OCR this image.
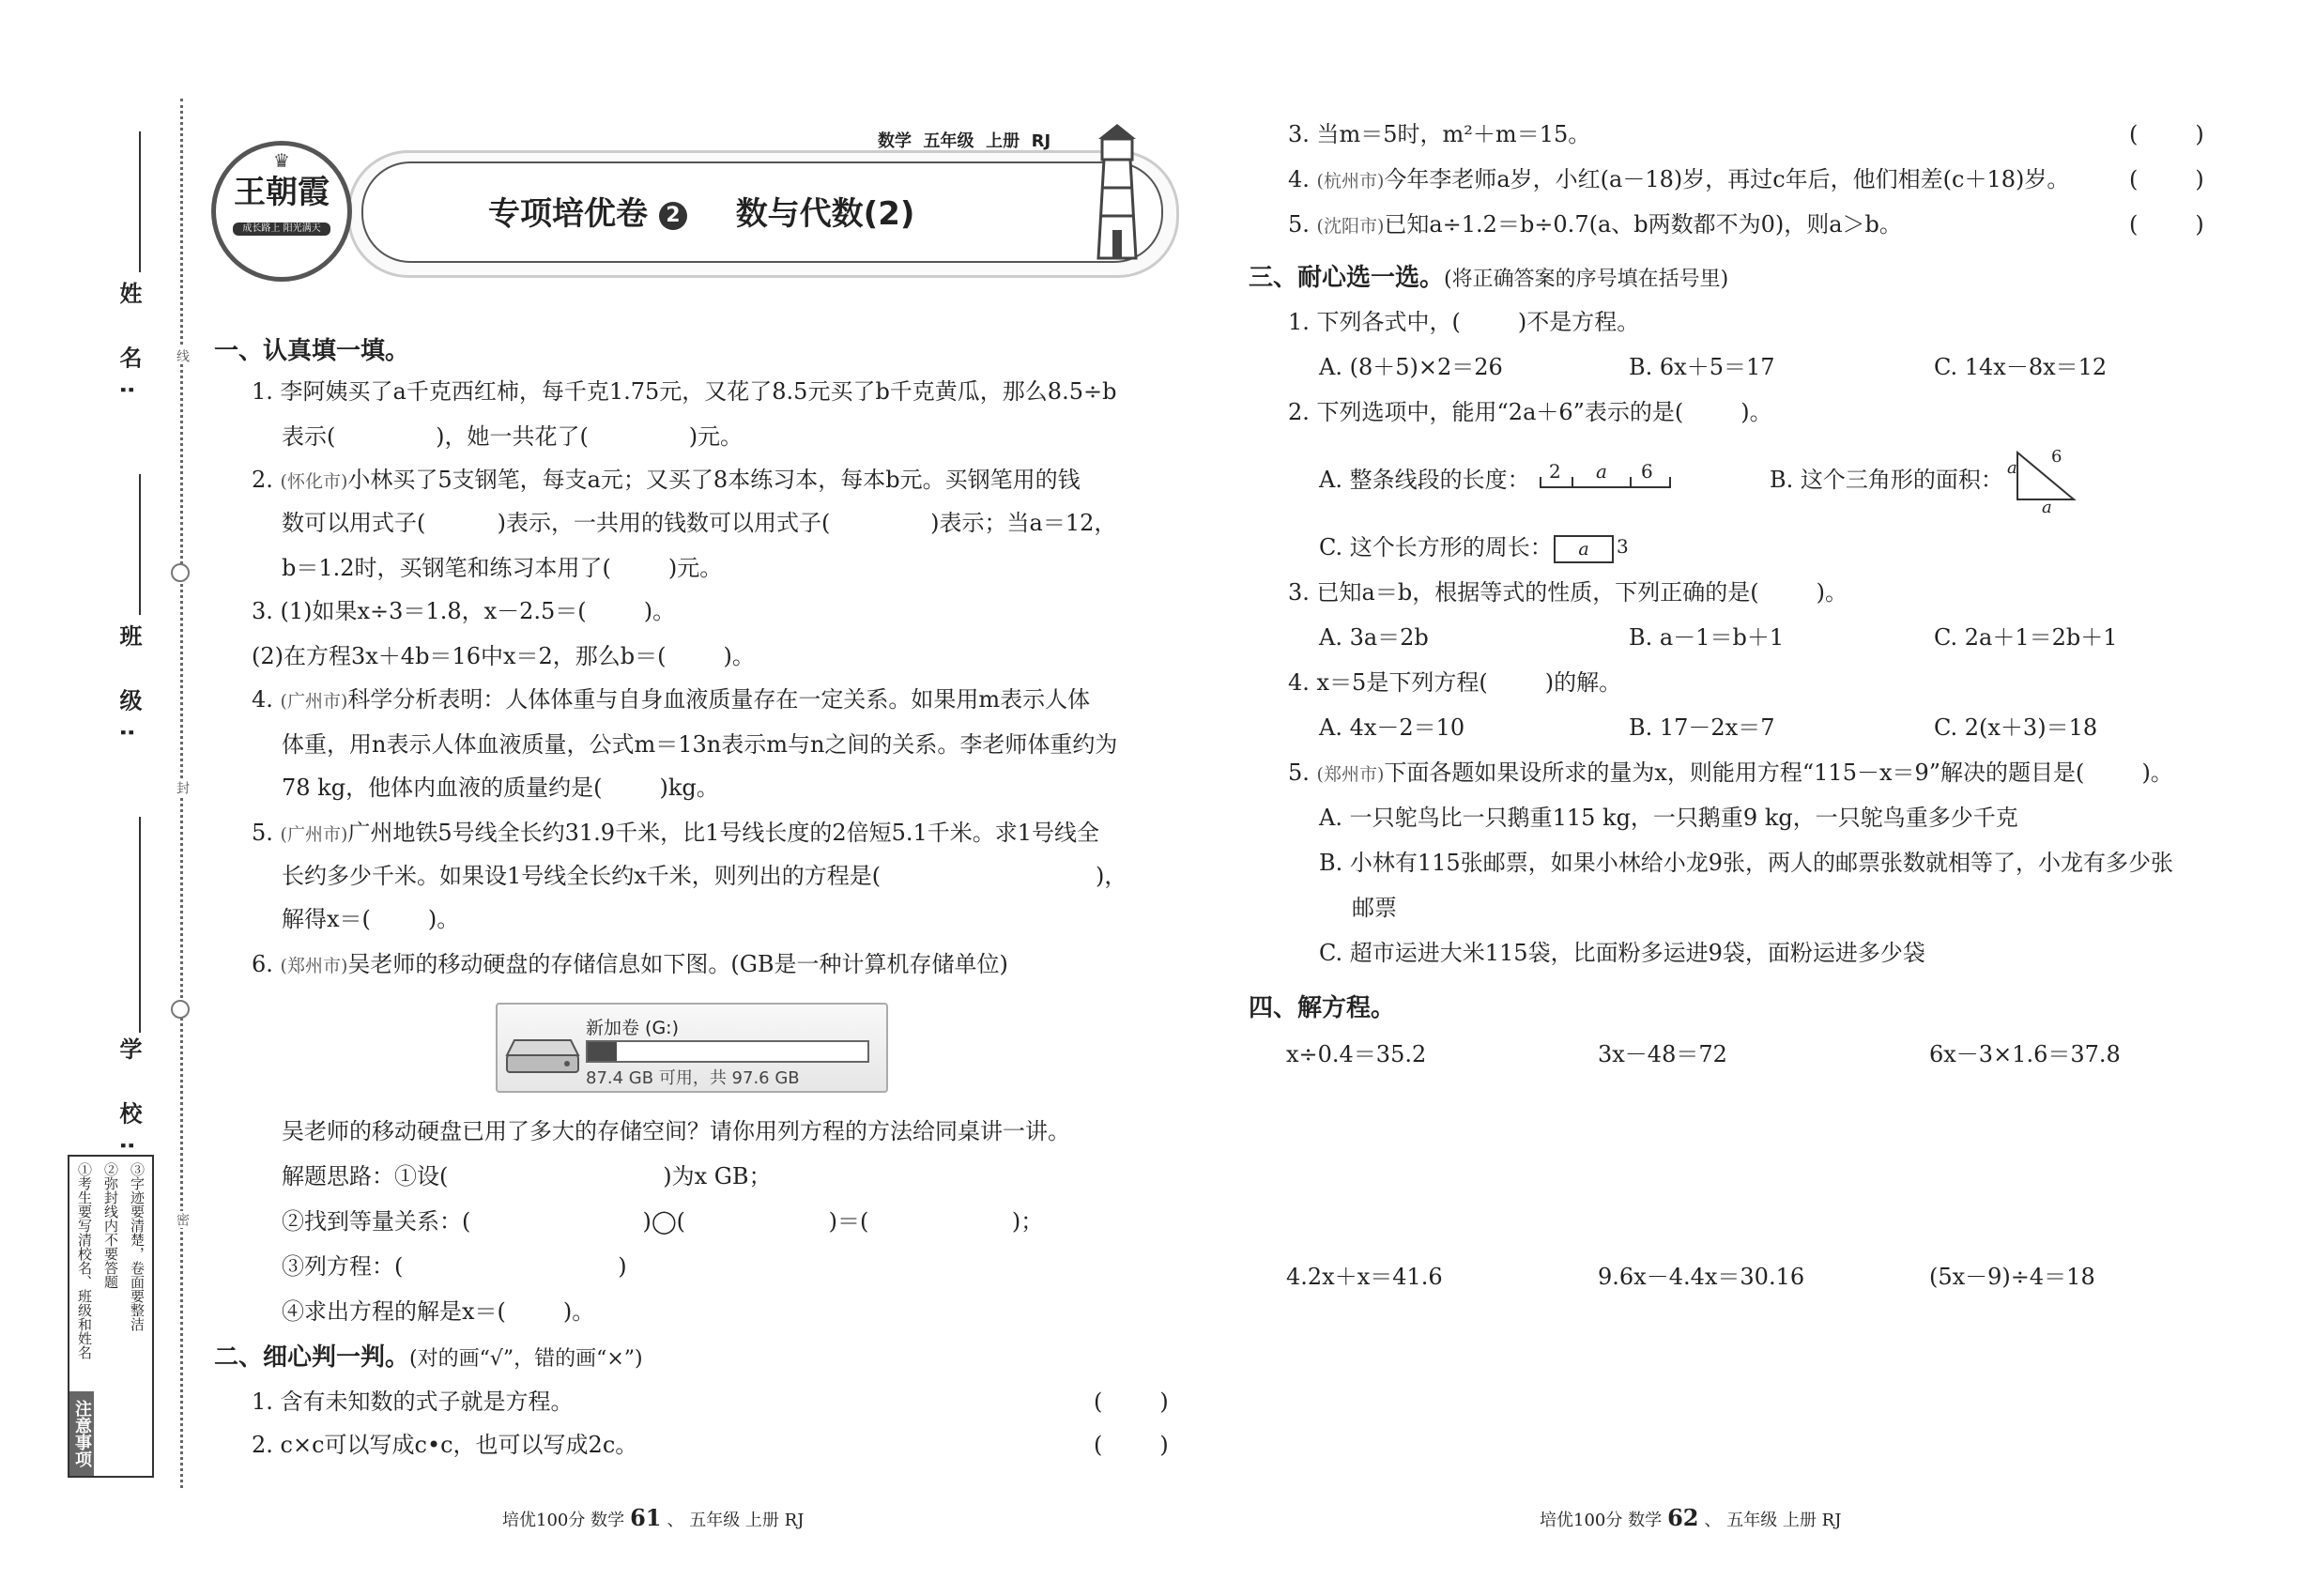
姓 名:
班 级:
学 校:
线
封
密
注意事项
①考生要写清校名、班级和姓名 ②弥封线内不要答题 ③字迹要清楚，卷面要整洁
♛
王朝霞
成长路上 阳光满天
数学  五年级  上册  RJ
专项培优卷 2 数与代数(2)
一、认真填一填。
1. 李阿姨买了a千克西红柿，每千克1.75元，又花了8.5元买了b千克黄瓜，那么8.5÷b
表示(              )，她一共花了(              )元。
2. (怀化市)小林买了5支钢笔，每支a元；又买了8本练习本，每本b元。买钢笔用的钱
数可以用式子(          )表示，一共用的钱数可以用式子(              )表示；当a＝12，
b＝1.2时，买钢笔和练习本用了(        )元。
3. (1)如果x÷3＝1.8，x－2.5＝(        )。
(2)在方程3x＋4b＝16中x＝2，那么b＝(        )。
4. (广州市)科学分析表明：人体体重与自身血液质量存在一定关系。如果用m表示人体
体重，用n表示人体血液质量，公式m＝13n表示m与n之间的关系。李老师体重约为
78 kg，他体内血液的质量约是(        )kg。
5. (广州市)广州地铁5号线全长约31.9千米，比1号线长度的2倍短5.1千米。求1号线全
长约多少千米。如果设1号线全长约x千米，则列出的方程是(                              )，
解得x＝(        )。
6. (郑州市)吴老师的移动硬盘的存储信息如下图。(GB是一种计算机存储单位)
新加卷 (G:)
87.4 GB 可用，共 97.6 GB
吴老师的移动硬盘已用了多大的存储空间？请你用列方程的方法给同桌讲一讲。
解题思路：①设(                              )为x GB；
②找到等量关系：(                        )◯(                    )＝(                    )；
③列方程：(                              )
④求出方程的解是x＝(        )。
二、细心判一判。(对的画“√”，错的画“×”)
1. 含有未知数的式子就是方程。	(        )
2. c×c可以写成c•c，也可以写成2c。	(        )
培优100分 数学 61 、 五年级 上册 RJ
3. 当m＝5时，m²＋m＝15。	(        )
4. (杭州市)今年李老师a岁，小红(a－18)岁，再过c年后，他们相差(c＋18)岁。	(        )
5. (沈阳市)已知a÷1.2＝b÷0.7(a、b两数都不为0)，则a＞b。	(        )
三、耐心选一选。(将正确答案的序号填在括号里)
1. 下列各式中，(        )不是方程。
A. (8＋5)×2＝26	B. 6x＋5＝17	C. 14x－8x＝12
2. 下列选项中，能用“2a＋6”表示的是(        )。
A. 整条线段的长度： 2 a 6	B. 这个三角形的面积： a
6
a
C. 这个长方形的周长：	a	3
3. 已知a＝b，根据等式的性质，下列正确的是(        )。
A. 3a＝2b	B. a－1＝b＋1	C. 2a＋1＝2b＋1
4. x＝5是下列方程(        )的解。
A. 4x－2＝10	B. 17－2x＝7	C. 2(x＋3)＝18
5. (郑州市)下面各题如果设所求的量为x，则能用方程“115－x＝9”解决的题目是(        )。
A. 一只鸵鸟比一只鹅重115 kg，一只鹅重9 kg，一只鸵鸟重多少千克
B. 小林有115张邮票，如果小林给小龙9张，两人的邮票张数就相等了，小龙有多少张
邮票
C. 超市运进大米115袋，比面粉多运进9袋，面粉运进多少袋
四、解方程。
x÷0.4＝35.2	3x－48＝72	6x－3×1.6＝37.8
4.2x＋x＝41.6	9.6x－4.4x＝30.16	(5x－9)÷4＝18
培优100分 数学 62 、 五年级 上册 RJ
